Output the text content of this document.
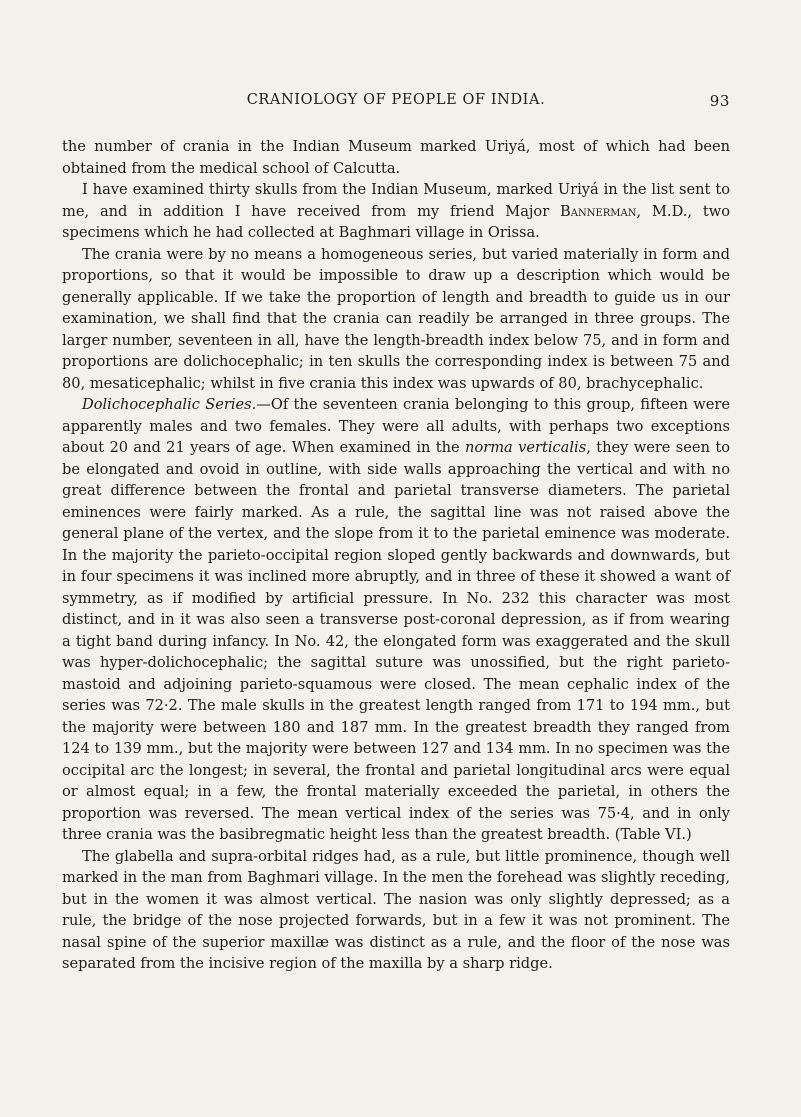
CRANIOLOGY OF PEOPLE OF INDIA.	93

the number of crania in the Indian Museum marked Uriyá, most of which had been obtained from the medical school of Calcutta.

I have examined thirty skulls from the Indian Museum, marked Uriyá in the list sent to me, and in addition I have received from my friend Major Bannerman, M.D., two specimens which he had collected at Baghmari village in Orissa.

The crania were by no means a homogeneous series, but varied materially in form and proportions, so that it would be impossible to draw up a description which would be generally applicable. If we take the proportion of length and breadth to guide us in our examination, we shall find that the crania can readily be arranged in three groups. The larger number, seventeen in all, have the length-breadth index below 75, and in form and proportions are dolichocephalic; in ten skulls the corresponding index is between 75 and 80, mesaticephalic; whilst in five crania this index was upwards of 80, brachycephalic.

Dolichocephalic Series.—Of the seventeen crania belonging to this group, fifteen were apparently males and two females. They were all adults, with perhaps two exceptions about 20 and 21 years of age. When examined in the norma verticalis, they were seen to be elongated and ovoid in outline, with side walls approaching the vertical and with no great difference between the frontal and parietal transverse diameters. The parietal eminences were fairly marked. As a rule, the sagittal line was not raised above the general plane of the vertex, and the slope from it to the parietal eminence was moderate. In the majority the parieto-occipital region sloped gently backwards and downwards, but in four specimens it was inclined more abruptly, and in three of these it showed a want of symmetry, as if modified by artificial pressure. In No. 232 this character was most distinct, and in it was also seen a transverse post-coronal depression, as if from wearing a tight band during infancy. In No. 42, the elongated form was exaggerated and the skull was hyper-dolichocephalic; the sagittal suture was unossified, but the right parieto-mastoid and adjoining parieto-squamous were closed. The mean cephalic index of the series was 72·2. The male skulls in the greatest length ranged from 171 to 194 mm., but the majority were between 180 and 187 mm. In the greatest breadth they ranged from 124 to 139 mm., but the majority were between 127 and 134 mm. In no specimen was the occipital arc the longest; in several, the frontal and parietal longitudinal arcs were equal or almost equal; in a few, the frontal materially exceeded the parietal, in others the proportion was reversed. The mean vertical index of the series was 75·4, and in only three crania was the basibregmatic height less than the greatest breadth. (Table VI.)

The glabella and supra-orbital ridges had, as a rule, but little prominence, though well marked in the man from Baghmari village. In the men the forehead was slightly receding, but in the women it was almost vertical. The nasion was only slightly depressed; as a rule, the bridge of the nose projected forwards, but in a few it was not prominent. The nasal spine of the superior maxillæ was distinct as a rule, and the floor of the nose was separated from the incisive region of the maxilla by a sharp ridge.
